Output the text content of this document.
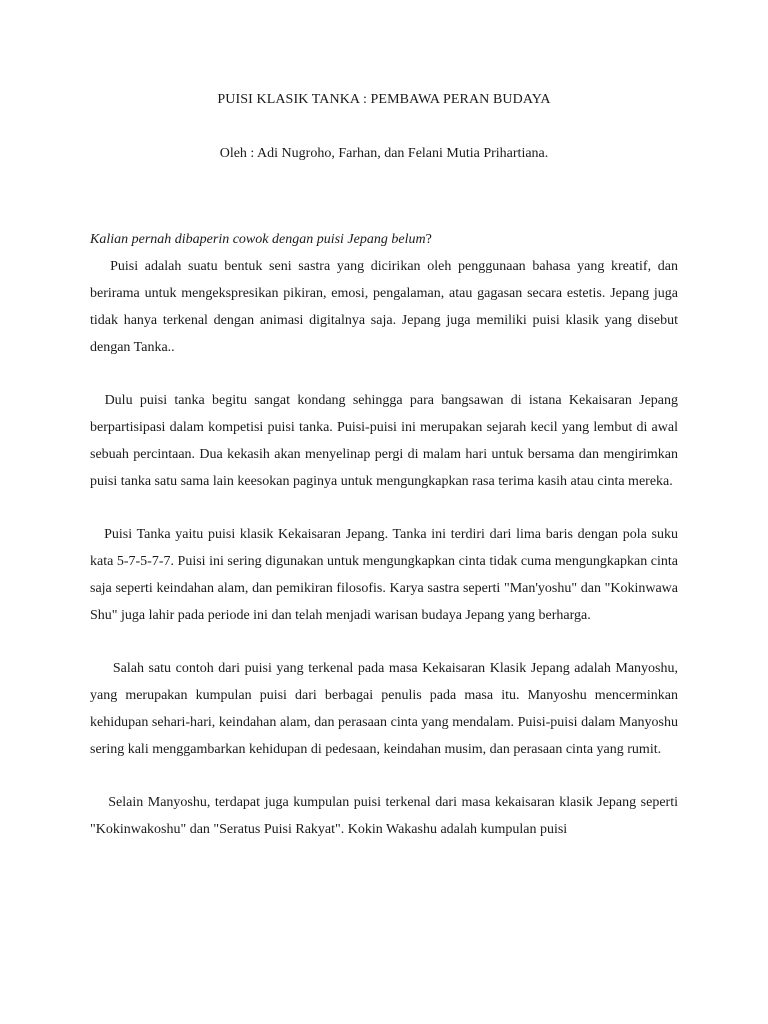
PUISI KLASIK TANKA : PEMBAWA PERAN BUDAYA
Oleh : Adi Nugroho, Farhan, dan Felani Mutia Prihartiana.

Kalian pernah dibaperin cowok dengan puisi Jepang belum?

Puisi adalah suatu bentuk seni sastra yang dicirikan oleh penggunaan bahasa yang kreatif, dan berirama untuk mengekspresikan pikiran, emosi, pengalaman, atau gagasan secara estetis. Jepang juga tidak hanya terkenal dengan animasi digitalnya saja. Jepang juga memiliki puisi klasik yang disebut dengan Tanka..

Dulu puisi tanka begitu sangat kondang sehingga para bangsawan di istana Kekaisaran Jepang berpartisipasi dalam kompetisi puisi tanka. Puisi-puisi ini merupakan sejarah kecil yang lembut di awal sebuah percintaan. Dua kekasih akan menyelinap pergi di malam hari untuk bersama dan mengirimkan puisi tanka satu sama lain keesokan paginya untuk mengungkapkan rasa terima kasih atau cinta mereka.

Puisi Tanka yaitu puisi klasik Kekaisaran Jepang. Tanka ini terdiri dari lima baris dengan pola suku kata 5-7-5-7-7. Puisi ini sering digunakan untuk mengungkapkan cinta tidak cuma mengungkapkan cinta saja seperti keindahan alam, dan pemikiran filosofis. Karya sastra seperti "Man'yoshu" dan "Kokinwawa Shu" juga lahir pada periode ini dan telah menjadi warisan budaya Jepang yang berharga.

Salah satu contoh dari puisi yang terkenal pada masa Kekaisaran Klasik Jepang adalah Manyoshu, yang merupakan kumpulan puisi dari berbagai penulis pada masa itu. Manyoshu mencerminkan kehidupan sehari-hari, keindahan alam, dan perasaan cinta yang mendalam. Puisi-puisi dalam Manyoshu sering kali menggambarkan kehidupan di pedesaan, keindahan musim, dan perasaan cinta yang rumit.

Selain Manyoshu, terdapat juga kumpulan puisi terkenal dari masa kekaisaran klasik Jepang seperti "Kokinwakoshu" dan "Seratus Puisi Rakyat". Kokin Wakashu adalah kumpulan puisi
